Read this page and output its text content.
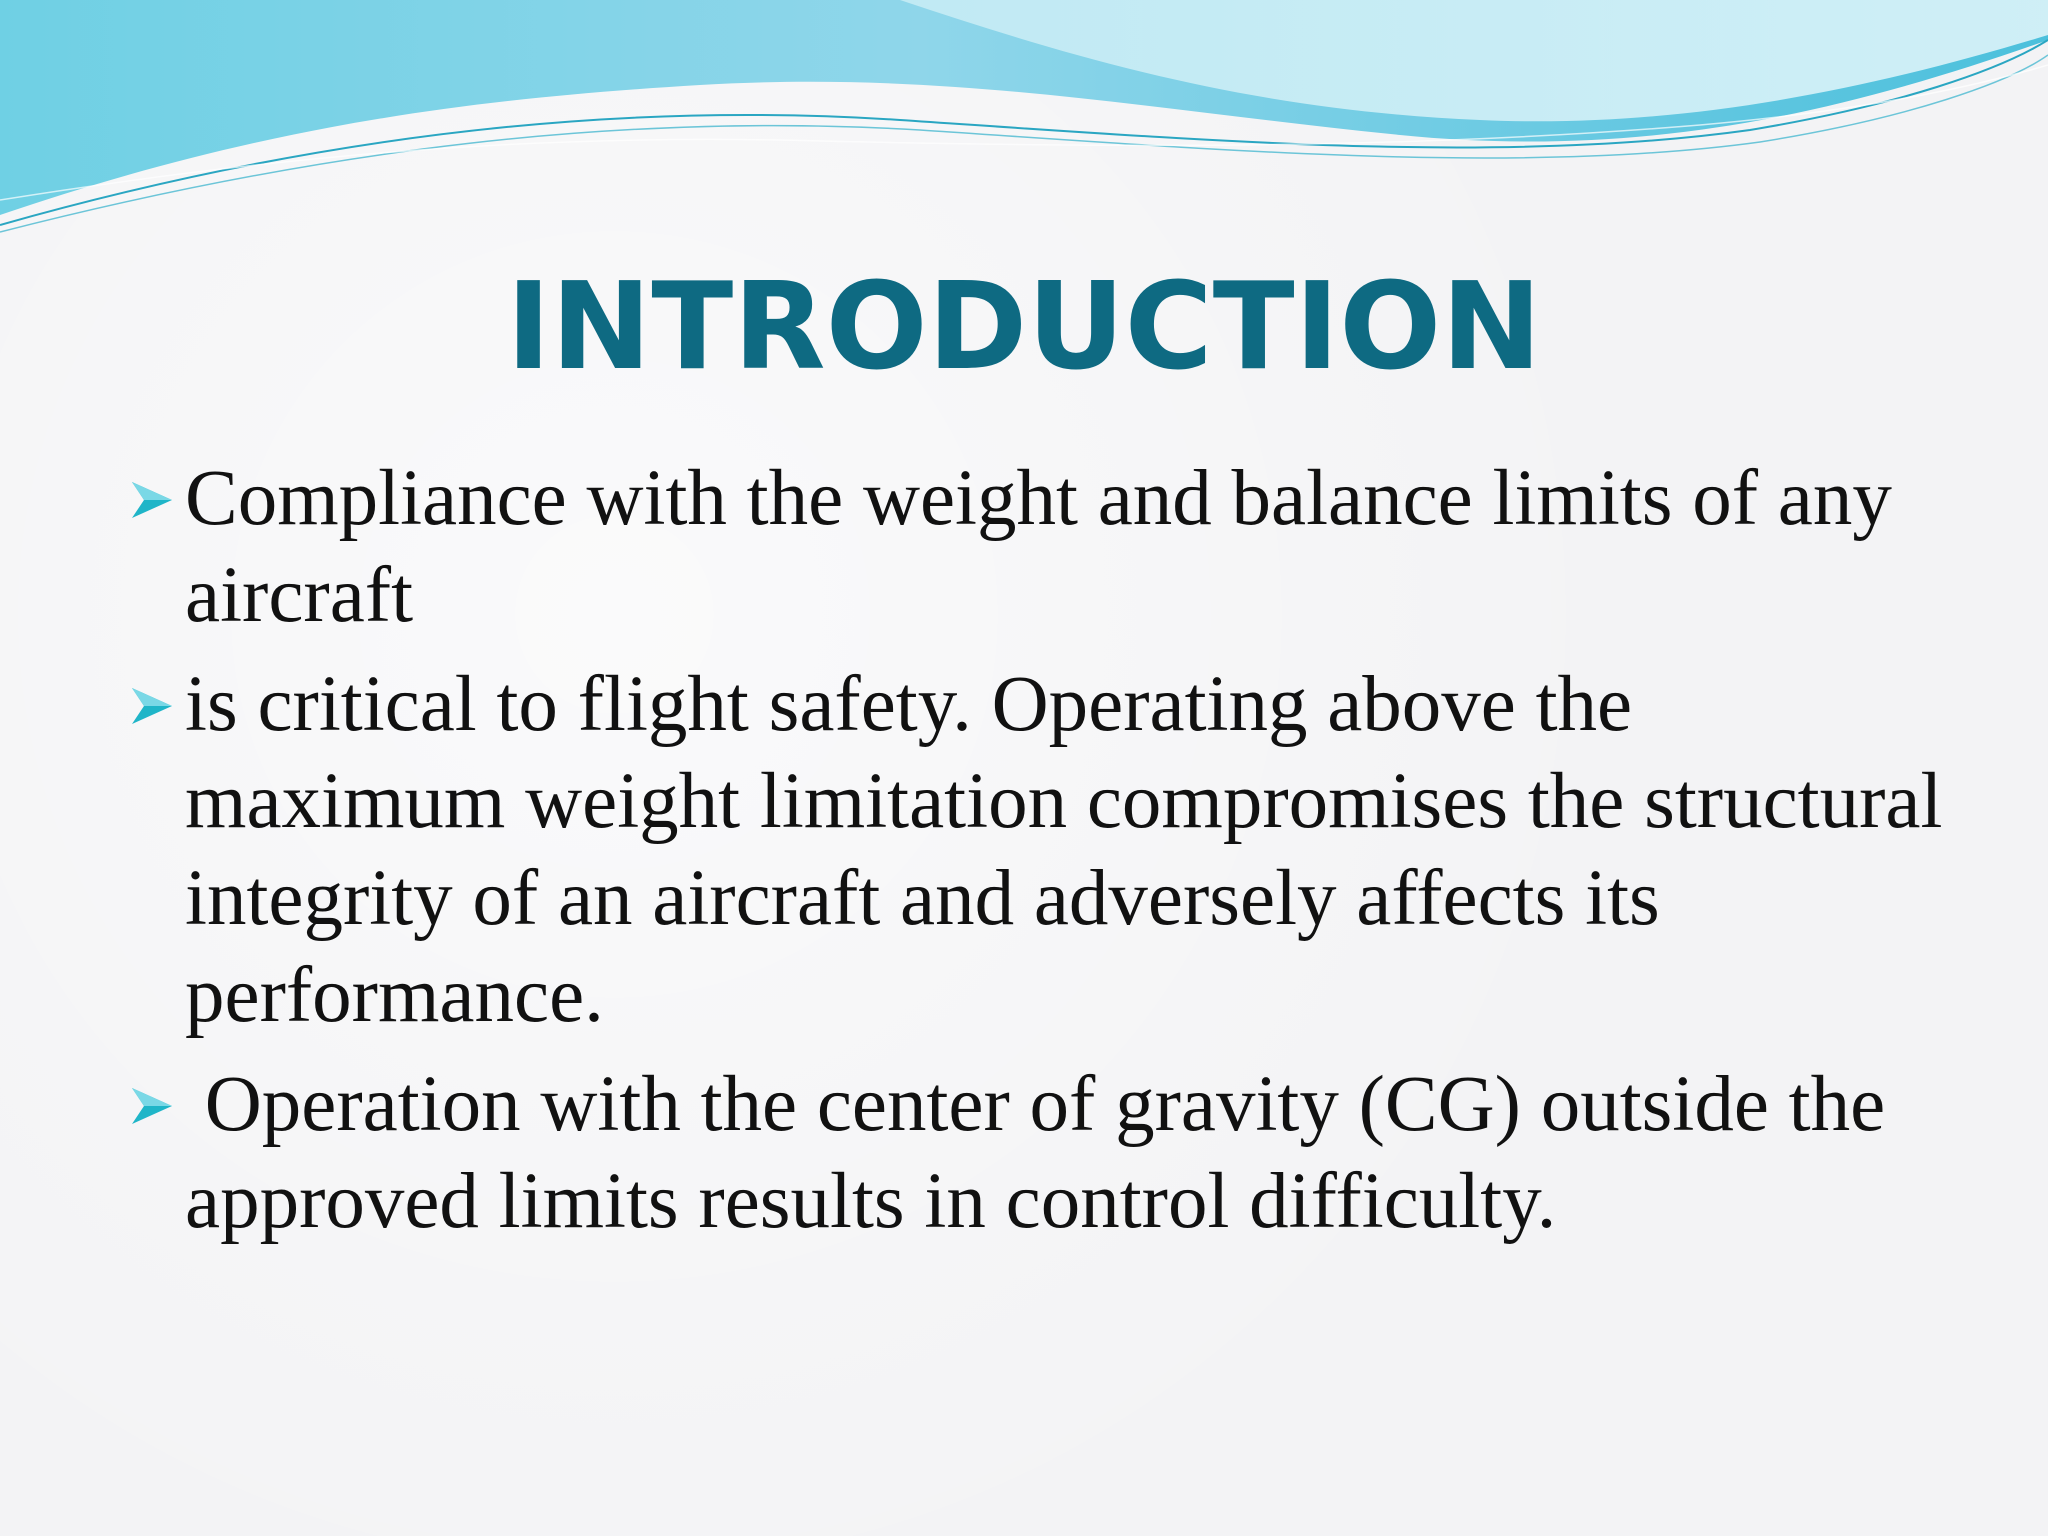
INTRODUCTION
Compliance with the weight and balance limits of any aircraft
is critical to flight safety. Operating above the maximum weight limitation compromises the structural integrity of an aircraft and adversely affects its performance.
Operation with the center of gravity (CG) outside the approved limits results in control difficulty.
